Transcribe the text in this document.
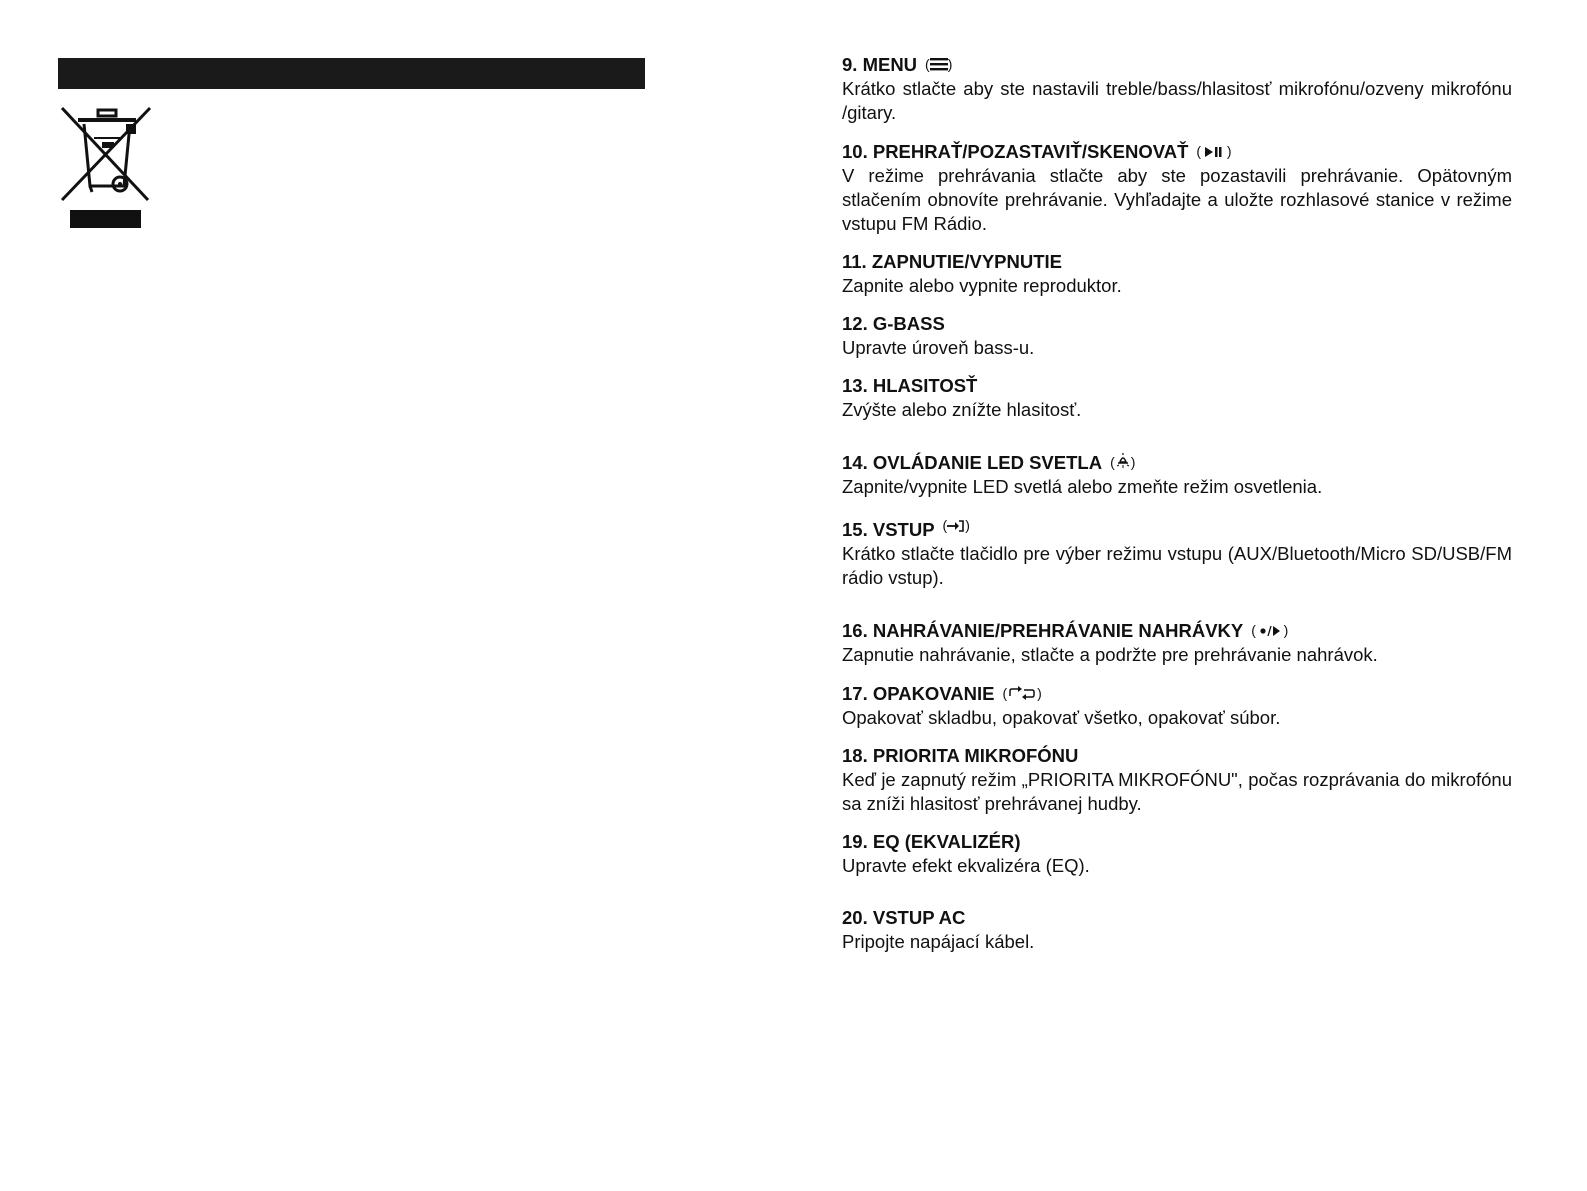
9. MENU ( )

Krátko stlačte aby ste nastavili treble/bass/hlasitosť mikrofónu/ozveny mikrofónu /gitary.

10. PREHRAŤ/POZASTAVIŤ/SKENOVAŤ (  )

V režime prehrávania stlačte aby ste pozastavili prehrávanie. Opätovným stlačením obnovíte prehrávanie. Vyhľadajte a uložte rozhlasové stanice v režime vstupu FM Rádio.

11. ZAPNUTIE/VYPNUTIE

Zapnite alebo vypnite reproduktor.

12. G-BASS

Upravte úroveň bass-u.

13. HLASITOSŤ

Zvýšte alebo znížte hlasitosť.

14. OVLÁDANIE LED SVETLA ( )

Zapnite/vypnite LED svetlá alebo zmeňte režim osvetlenia.

15. VSTUP ( )

Krátko stlačte tlačidlo pre výber režimu vstupu (AUX/Bluetooth/Micro SD/USB/FM rádio vstup).

16. NAHRÁVANIE/PREHRÁVANIE NAHRÁVKY (  )

Zapnutie nahrávanie, stlačte a podržte pre prehrávanie nahrávok.

17. OPAKOVANIE ( )

Opakovať skladbu, opakovať všetko, opakovať súbor.

18. PRIORITA MIKROFÓNU

Keď je zapnutý režim „PRIORITA MIKROFÓNU", počas rozprávania do mikrofónu sa zníži hlasitosť prehrávanej hudby.

19. EQ (EKVALIZÉR)

Upravte efekt ekvalizéra (EQ).

20. VSTUP AC

Pripojte napájací kábel.
